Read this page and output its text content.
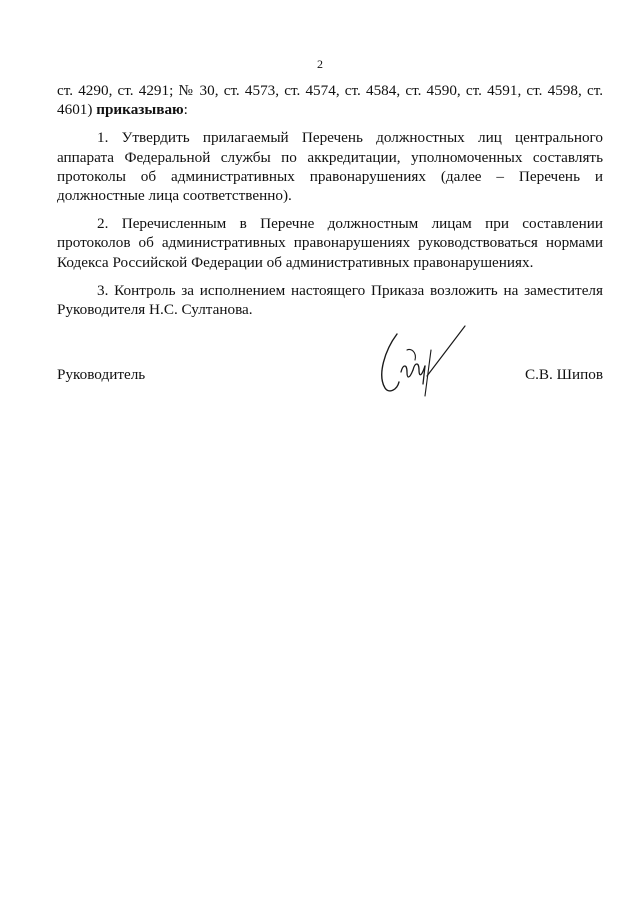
2

ст. 4290, ст. 4291; № 30, ст. 4573, ст. 4574, ст. 4584, ст. 4590, ст. 4591, ст. 4598, ст. 4601) приказываю:

1. Утвердить прилагаемый Перечень должностных лиц центрального аппарата Федеральной службы по аккредитации, уполномоченных составлять протоколы об административных правонарушениях (далее – Перечень и должностные лица соответственно).

2. Перечисленным в Перечне должностным лицам при составлении протоколов об административных правонарушениях руководствоваться нормами Кодекса Российской Федерации об административных правонарушениях.

3. Контроль за исполнением настоящего Приказа возложить на заместителя Руководителя Н.С. Султанова.

Руководитель	С.В. Шипов
